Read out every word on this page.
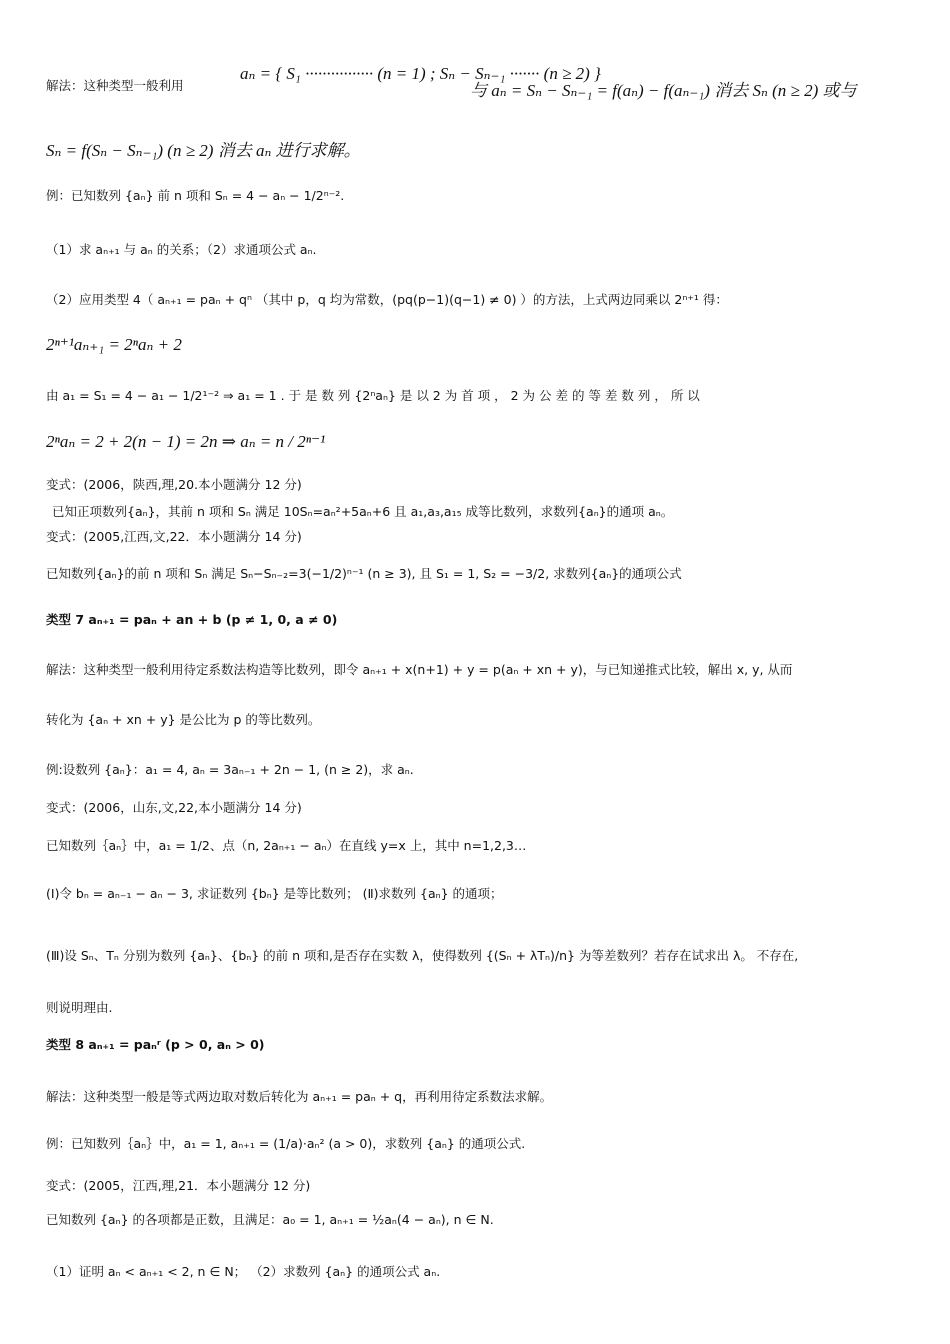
解法：这种类型一般利用
aₙ = { S₁ ················ (n = 1) ; Sₙ − Sₙ₋₁ ······· (n ≥ 2) }
与 aₙ = Sₙ − Sₙ₋₁ = f(aₙ) − f(aₙ₋₁) 消去 Sₙ (n ≥ 2) 或与
Sₙ = f(Sₙ − Sₙ₋₁) (n ≥ 2) 消去 aₙ 进行求解。
例：已知数列 {aₙ} 前 n 项和 Sₙ = 4 − aₙ − 1/2ⁿ⁻².
（1）求 aₙ₊₁ 与 aₙ 的关系；（2）求通项公式 aₙ.
（2）应用类型 4（ aₙ₊₁ = paₙ + qⁿ （其中 p，q 均为常数，(pq(p−1)(q−1) ≠ 0) ）的方法，上式两边同乘以 2ⁿ⁺¹ 得：
2ⁿ⁺¹aₙ₊₁ = 2ⁿaₙ + 2
由 a₁ = S₁ = 4 − a₁ − 1/2¹⁻² ⇒ a₁ = 1 . 于 是 数 列 {2ⁿaₙ} 是 以 2 为 首 项 ， 2 为 公 差 的 等 差 数 列 ， 所 以
2ⁿaₙ = 2 + 2(n − 1) = 2n ⇒ aₙ = n / 2ⁿ⁻¹
变式：(2006，陕西,理,20.本小题满分 12 分)
已知正项数列{aₙ}，其前 n 项和 Sₙ 满足 10Sₙ=aₙ²+5aₙ+6 且 a₁,a₃,a₁₅ 成等比数列，求数列{aₙ}的通项 aₙ。
变式：(2005,江西,文,22．本小题满分 14 分)
已知数列{aₙ}的前 n 项和 Sₙ 满足 Sₙ−Sₙ₋₂=3(−1/2)ⁿ⁻¹ (n ≥ 3), 且 S₁ = 1, S₂ = −3/2, 求数列{aₙ}的通项公式
类型 7 aₙ₊₁ = paₙ + an + b (p ≠ 1, 0, a ≠ 0)
解法：这种类型一般利用待定系数法构造等比数列，即令 aₙ₊₁ + x(n+1) + y = p(aₙ + xn + y)，与已知递推式比较，解出 x, y, 从而
转化为 {aₙ + xn + y} 是公比为 p 的等比数列。
例:设数列 {aₙ}：a₁ = 4, aₙ = 3aₙ₋₁ + 2n − 1, (n ≥ 2)，求 aₙ.
变式：(2006，山东,文,22,本小题满分 14 分)
已知数列｛aₙ｝中，a₁ = 1/2、点（n, 2aₙ₊₁ − aₙ）在直线 y=x 上，其中 n=1,2,3…
(Ⅰ)令 bₙ = aₙ₋₁ − aₙ − 3, 求证数列 {bₙ} 是等比数列； (Ⅱ)求数列 {aₙ} 的通项；
(Ⅲ)设 Sₙ、Tₙ 分别为数列 {aₙ}、{bₙ} 的前 n 项和,是否存在实数 λ，使得数列 {(Sₙ + λTₙ)/n} 为等差数列？若存在试求出 λ。 不存在,
则说明理由.
类型 8 aₙ₊₁ = paₙʳ (p > 0, aₙ > 0)
解法：这种类型一般是等式两边取对数后转化为 aₙ₊₁ = paₙ + q，再利用待定系数法求解。
例：已知数列｛aₙ｝中，a₁ = 1, aₙ₊₁ = (1/a)·aₙ² (a > 0)，求数列 {aₙ} 的通项公式.
变式：(2005，江西,理,21．本小题满分 12 分)
已知数列 {aₙ} 的各项都是正数，且满足：a₀ = 1, aₙ₊₁ = ½aₙ(4 − aₙ), n ∈ N.
（1）证明 aₙ < aₙ₊₁ < 2, n ∈ N； （2）求数列 {aₙ} 的通项公式 aₙ.
